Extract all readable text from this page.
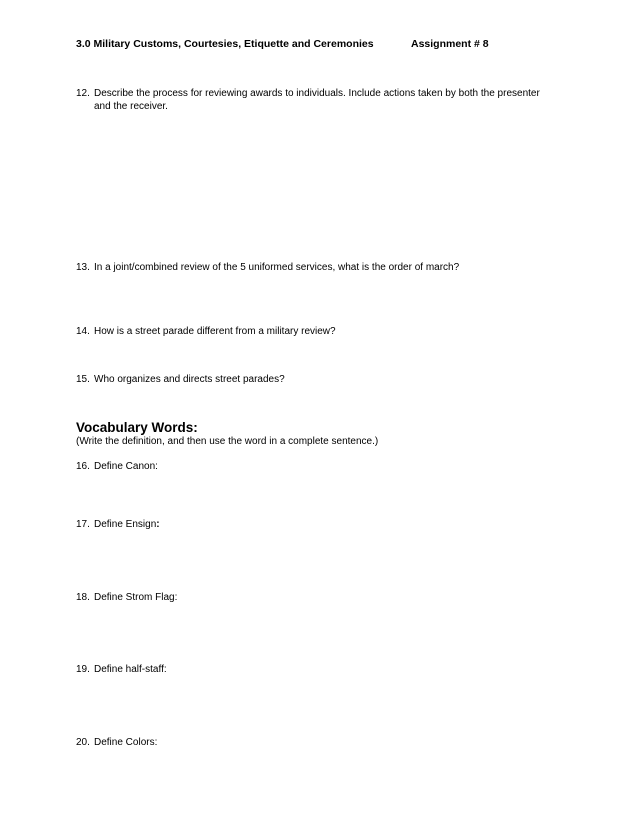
3.0 Military Customs, Courtesies, Etiquette and Ceremonies	Assignment # 8
12. Describe the process for reviewing awards to individuals. Include actions taken by both the presenter
and the receiver.
13. In a joint/combined review of the 5 uniformed services, what is the order of march?
14. How is a street parade different from a military review?
15. Who organizes and directs street parades?
Vocabulary Words:
(Write the definition, and then use the word in a complete sentence.)
16. Define Canon:
17. Define Ensign:
18. Define Strom Flag:
19. Define half-staff:
20. Define Colors:
